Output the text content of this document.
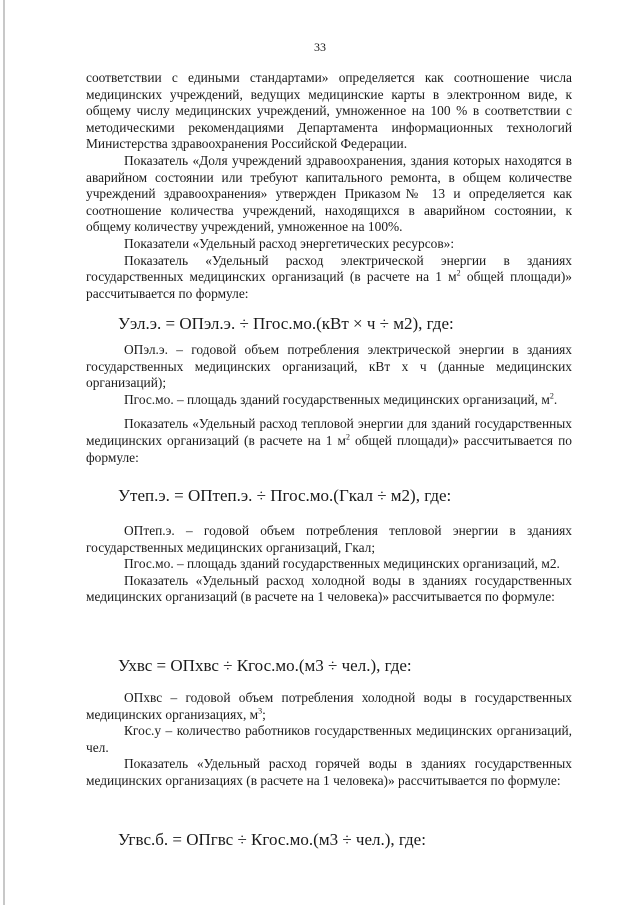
33

соответствии с едиными стандартами» определяется как соотношение числа медицинских учреждений, ведущих медицинские карты в электронном виде, к общему числу медицинских учреждений, умноженное на 100 % в соответствии с методическими рекомендациями Департамента информационных технологий Министерства здравоохранения Российской Федерации.

Показатель «Доля учреждений здравоохранения, здания которых находятся в аварийном состоянии или требуют капитального ремонта, в общем количестве учреждений здравоохранения» утвержден Приказом№ 13 и определяется как соотношение количества учреждений, находящихся в аварийном состоянии, к общему количеству учреждений, умноженное на 100%.

Показатели «Удельный расход энергетических ресурсов»:

Показатель «Удельный расход электрической энергии в зданиях государственных медицинских организаций (в расчете на 1 $м^2$ общей площади)» рассчитывается по формуле:

Уэл.э. = ОПэл.э. ÷ Пгос.мо.(кВт × ч ÷ м2), где:

ОПэл.э. – годовой объем потребления электрической энергии в зданиях государственных медицинских организаций, кВт х ч (данные медицинских организаций);

Пгос.мо. – площадь зданий государственных медицинских организаций, $м^2$.

Показатель «Удельный расход тепловой энергии для зданий государственных медицинских организаций (в расчете на 1 $м^2$ общей площади)» рассчитывается по формуле:

Утеп.э. = ОПтеп.э. ÷ Пгос.мо.(Гкал ÷ м2), где:

ОПтеп.э. – годовой объем потребления тепловой энергии в зданиях государственных медицинских организаций, Гкал;

Пгос.мо. – площадь зданий государственных медицинских организаций, м2.

Показатель «Удельный расход холодной воды в зданиях государственных медицинских организаций (в расчете на 1 человека)» рассчитывается по формуле:

Ухвс = ОПхвс ÷ Кгос.мо.(м3 ÷ чел.), где:

ОПхвс – годовой объем потребления холодной воды в государственных медицинских организациях, $м^3$;

Кгос.у – количество работников государственных медицинских организаций, чел.

Показатель «Удельный расход горячей воды в зданиях государственных медицинских организациях (в расчете на 1 человека)» рассчитывается по формуле:

Угвс.б. = ОПгвс ÷ Кгос.мо.(м3 ÷ чел.), где:
